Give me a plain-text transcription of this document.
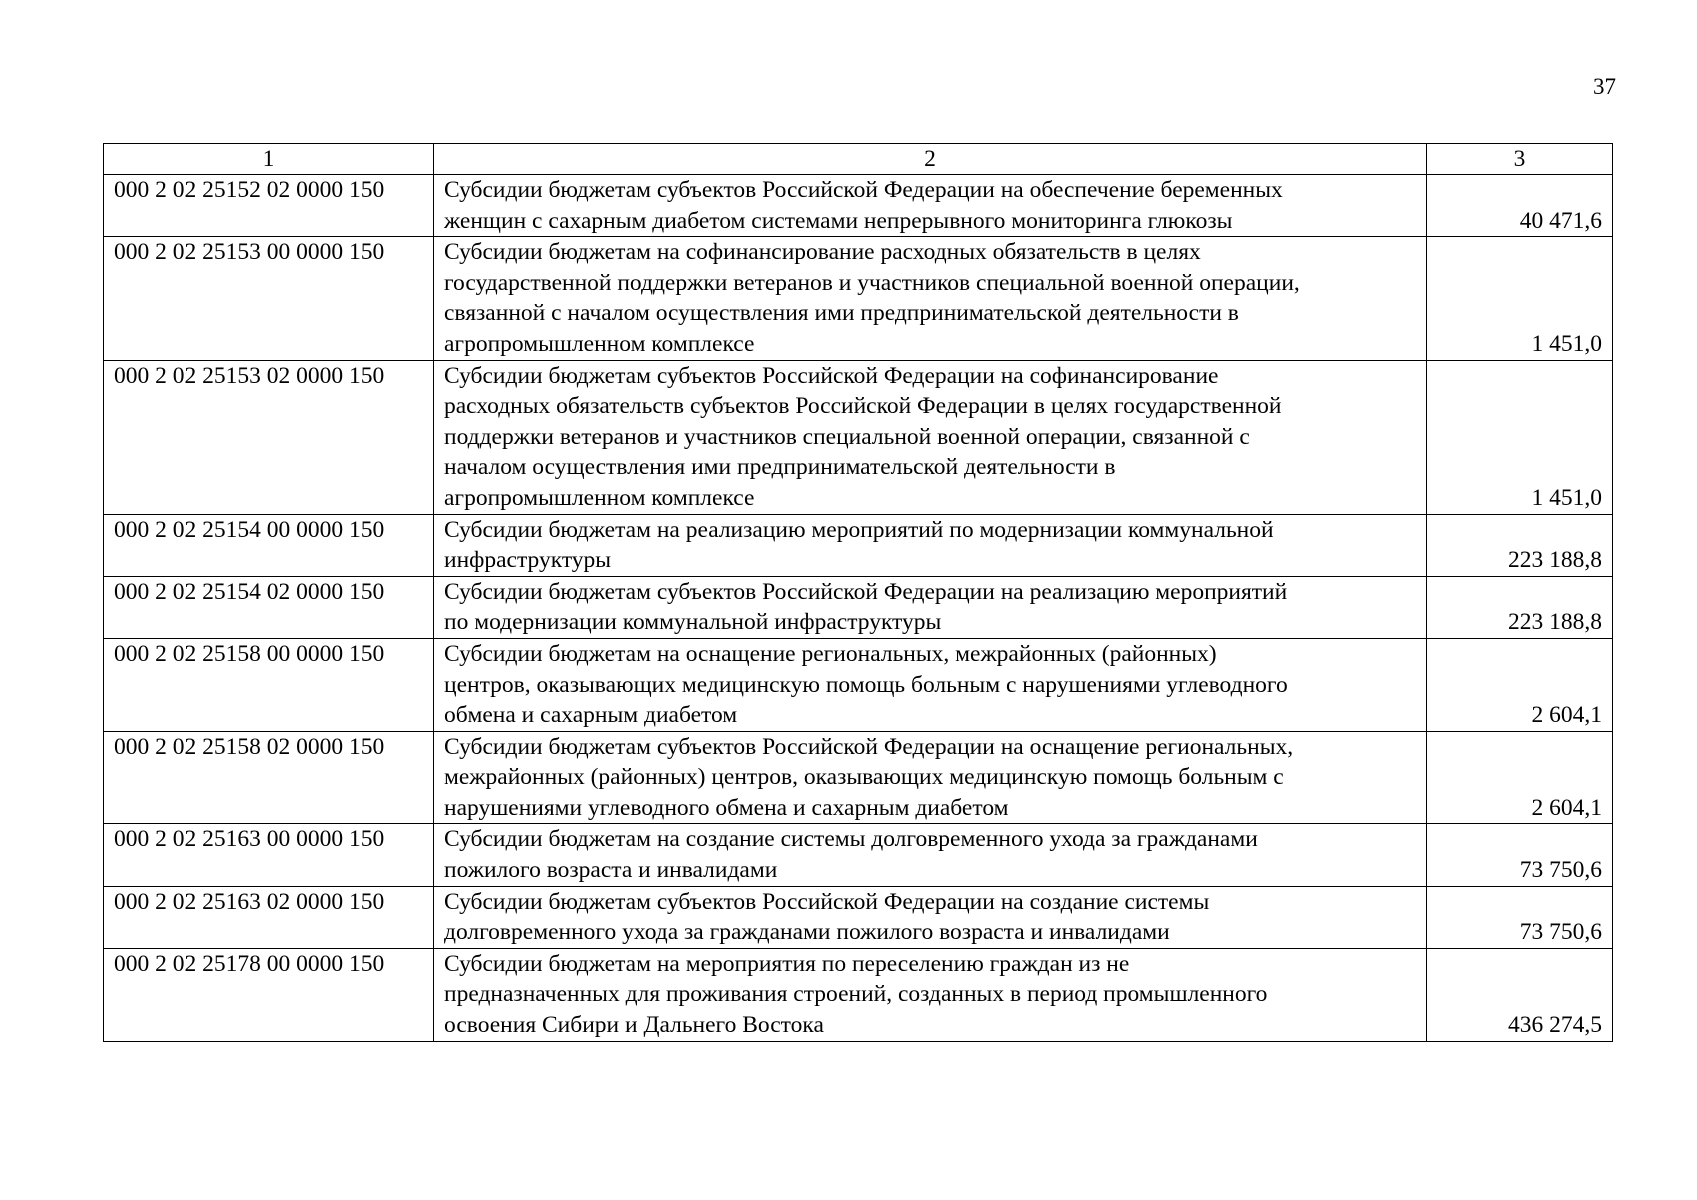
37
1	2	3
000 2 02 25152 02 0000 150	Субсидии бюджетам субъектов Российской Федерации на обеспечение беременных
женщин с сахарным диабетом системами непрерывного мониторинга глюкозы	40 471,6
000 2 02 25153 00 0000 150	Субсидии бюджетам на софинансирование расходных обязательств в целях
государственной поддержки ветеранов и участников специальной военной операции,
связанной с началом осуществления ими предпринимательской деятельности в
агропромышленном комплексе	1 451,0
000 2 02 25153 02 0000 150	Субсидии бюджетам субъектов Российской Федерации на софинансирование
расходных обязательств субъектов Российской Федерации в целях государственной
поддержки ветеранов и участников специальной военной операции, связанной с
началом осуществления ими предпринимательской деятельности в
агропромышленном комплексе	1 451,0
000 2 02 25154 00 0000 150	Субсидии бюджетам на реализацию мероприятий по модернизации коммунальной
инфраструктуры	223 188,8
000 2 02 25154 02 0000 150	Субсидии бюджетам субъектов Российской Федерации на реализацию мероприятий
по модернизации коммунальной инфраструктуры	223 188,8
000 2 02 25158 00 0000 150	Субсидии бюджетам на оснащение региональных, межрайонных (районных)
центров, оказывающих медицинскую помощь больным с нарушениями углеводного
обмена и сахарным диабетом	2 604,1
000 2 02 25158 02 0000 150	Субсидии бюджетам субъектов Российской Федерации на оснащение региональных,
межрайонных (районных) центров, оказывающих медицинскую помощь больным с
нарушениями углеводного обмена и сахарным диабетом	2 604,1
000 2 02 25163 00 0000 150	Субсидии бюджетам на создание системы долговременного ухода за гражданами
пожилого возраста и инвалидами	73 750,6
000 2 02 25163 02 0000 150	Субсидии бюджетам субъектов Российской Федерации на создание системы
долговременного ухода за гражданами пожилого возраста и инвалидами	73 750,6
000 2 02 25178 00 0000 150	Субсидии бюджетам на мероприятия по переселению граждан из не
предназначенных для проживания строений, созданных в период промышленного
освоения Сибири и Дальнего Востока	436 274,5
